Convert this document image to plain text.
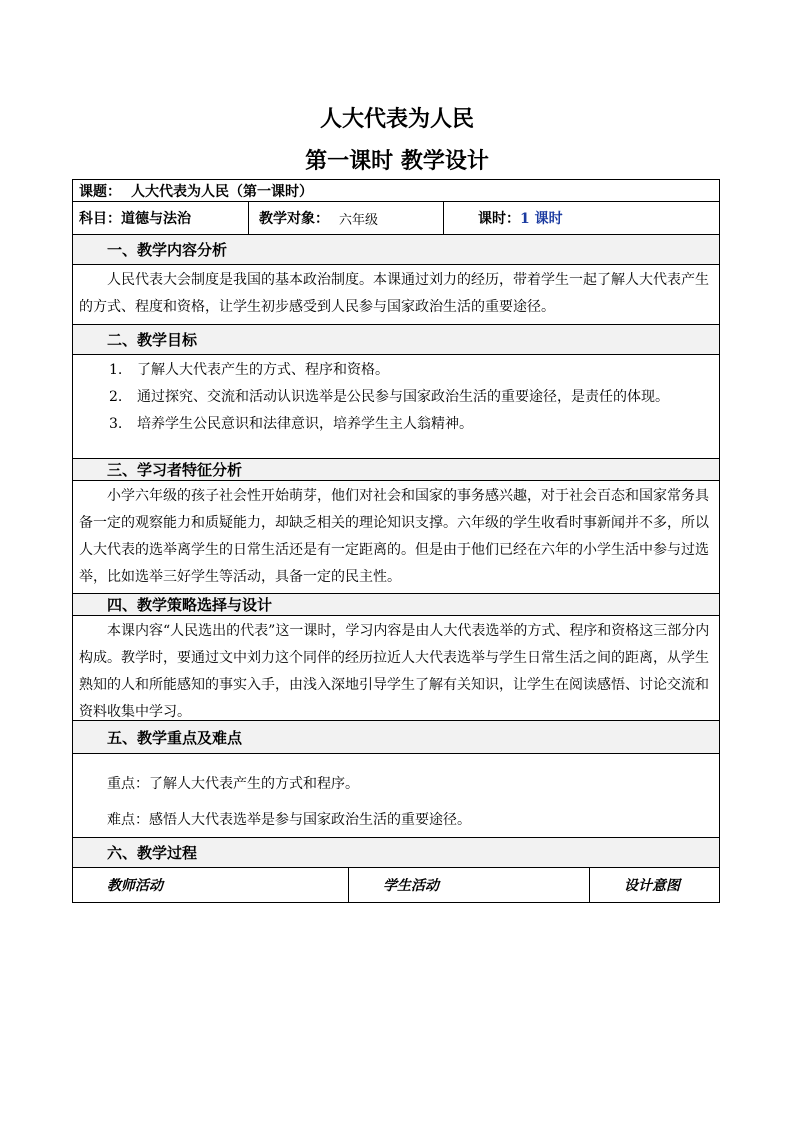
人大代表为人民
第一课时 教学设计
课题： 人大代表为人民（第一课时）
科目： 道德与法治	教学对象： 六年级	课时： 1 课时
一、教学内容分析
人民代表大会制度是我国的基本政治制度。本课通过刘力的经历，带着学生一起了解人大代表产生的方式、程度和资格，让学生初步感受到人民参与国家政治生活的重要途径。
二、教学目标
1.	了解人大代表产生的方式、程序和资格。
2.	通过探究、交流和活动认识选举是公民参与国家政治生活的重要途径，是责任的体现。
3.	培养学生公民意识和法律意识，培养学生主人翁精神。
三、学习者特征分析
小学六年级的孩子社会性开始萌芽，他们对社会和国家的事务感兴趣，对于社会百态和国家常务具备一定的观察能力和质疑能力，却缺乏相关的理论知识支撑。六年级的学生收看时事新闻并不多，所以人大代表的选举离学生的日常生活还是有一定距离的。但是由于他们已经在六年的小学生活中参与过选举，比如选举三好学生等活动，具备一定的民主性。
四、教学策略选择与设计
本课内容“人民选出的代表”这一课时，学习内容是由人大代表选举的方式、程序和资格这三部分内构成。教学时，要通过文中刘力这个同伴的经历拉近人大代表选举与学生日常生活之间的距离，从学生熟知的人和所能感知的事实入手，由浅入深地引导学生了解有关知识，让学生在阅读感悟、讨论交流和资料收集中学习。
五、教学重点及难点
重点：了解人大代表产生的方式和程序。
难点：感悟人大代表选举是参与国家政治生活的重要途径。
六、教学过程
教师活动	学生活动	设计意图
